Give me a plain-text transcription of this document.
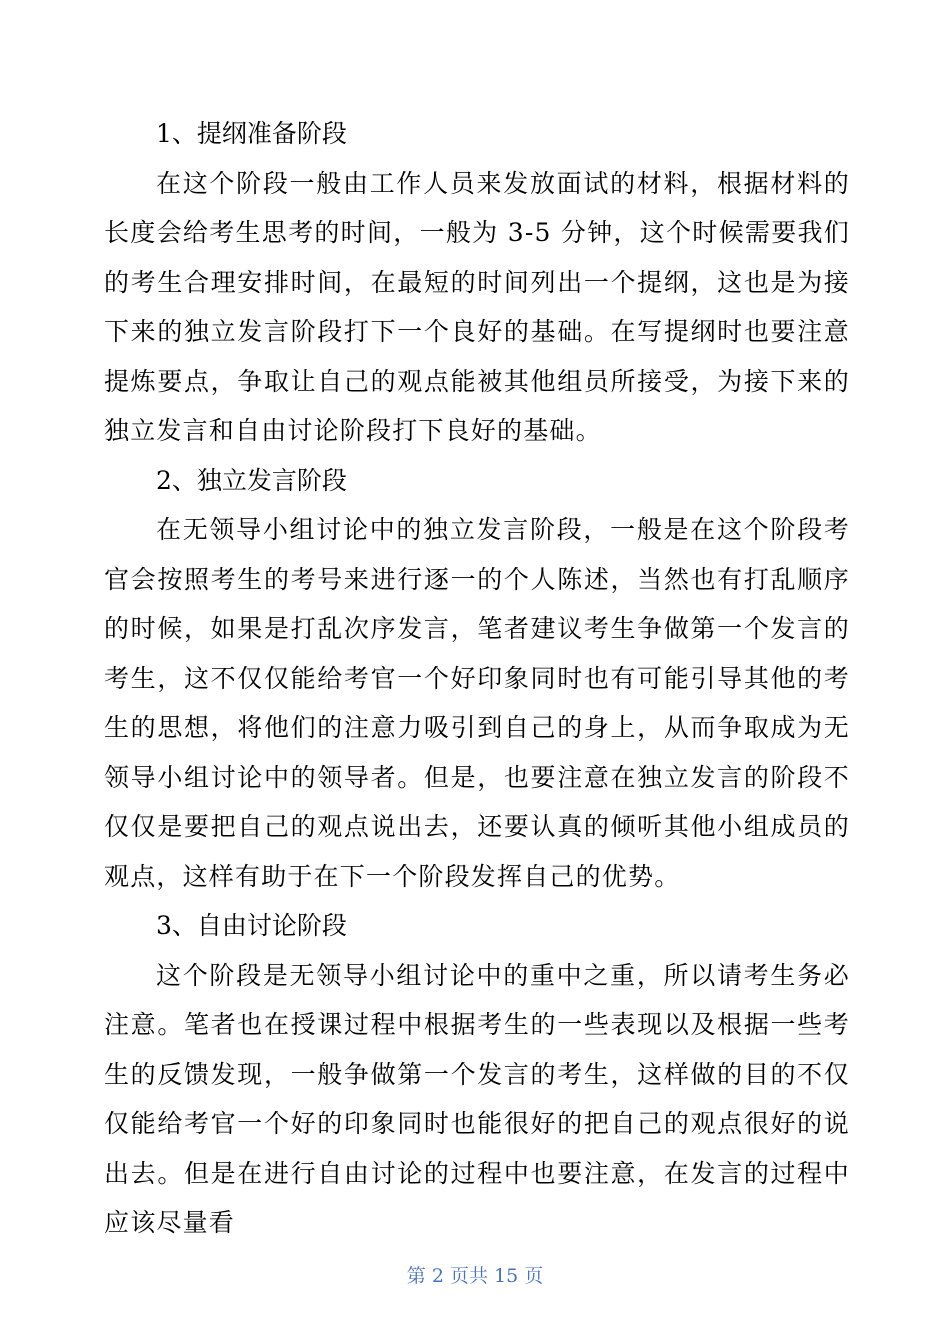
1、提纲准备阶段
在这个阶段一般由工作人员来发放面试的材料，根据材料的长度会给考生思考的时间，一般为 3-5 分钟，这个时候需要我们的考生合理安排时间，在最短的时间列出一个提纲，这也是为接下来的独立发言阶段打下一个良好的基础。在写提纲时也要注意提炼要点，争取让自己的观点能被其他组员所接受，为接下来的独立发言和自由讨论阶段打下良好的基础。
2、独立发言阶段
在无领导小组讨论中的独立发言阶段，一般是在这个阶段考官会按照考生的考号来进行逐一的个人陈述，当然也有打乱顺序的时候，如果是打乱次序发言，笔者建议考生争做第一个发言的考生，这不仅仅能给考官一个好印象同时也有可能引导其他的考生的思想，将他们的注意力吸引到自己的身上，从而争取成为无领导小组讨论中的领导者。但是，也要注意在独立发言的阶段不仅仅是要把自己的观点说出去，还要认真的倾听其他小组成员的观点，这样有助于在下一个阶段发挥自己的优势。
3、自由讨论阶段
这个阶段是无领导小组讨论中的重中之重，所以请考生务必注意。笔者也在授课过程中根据考生的一些表现以及根据一些考生的反馈发现，一般争做第一个发言的考生，这样做的目的不仅仅能给考官一个好的印象同时也能很好的把自己的观点很好的说出去。但是在进行自由讨论的过程中也要注意，在发言的过程中应该尽量看
第 2 页共 15 页
